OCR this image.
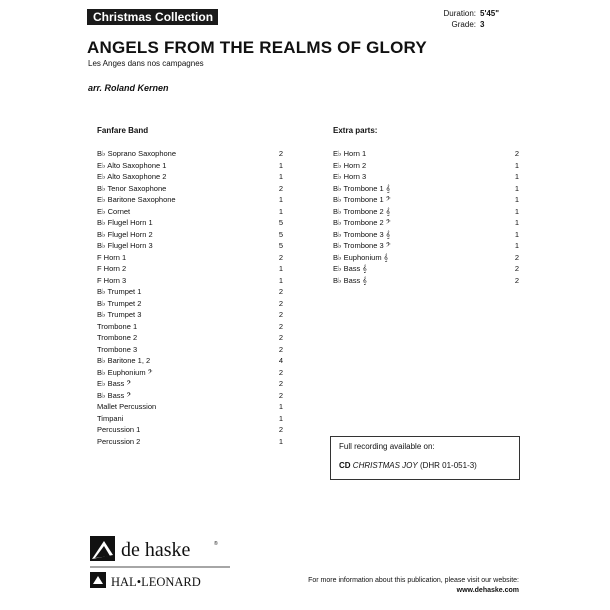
Christmas Collection	Duration: 5'45"
Grade: 3
ANGELS FROM THE REALMS OF GLORY
Les Anges dans nos campagnes
arr. Roland Kernen
Fanfare Band	Extra parts:
B♭ Soprano Saxophone	2
E♭ Alto Saxophone 1	1
E♭ Alto Saxophone 2	1
B♭ Tenor Saxophone	2
E♭ Baritone Saxophone	1
E♭ Cornet	1
B♭ Flugel Horn 1	5
B♭ Flugel Horn 2	5
B♭ Flugel Horn 3	5
F Horn 1	2
F Horn 2	1
F Horn 3	1
B♭ Trumpet 1	2
B♭ Trumpet 2	2
B♭ Trumpet 3	2
Trombone 1	2
Trombone 2	2
Trombone 3	2
B♭ Baritone 1, 2	4
B♭ Euphonium 𝄢	2
E♭ Bass 𝄢	2
B♭ Bass 𝄢	2
Mallet Percussion	1
Timpani	1
Percussion 1	2
Percussion 2	1
E♭ Horn 1	2
E♭ Horn 2	1
E♭ Horn 3	1
B♭ Trombone 1 𝄞	1
B♭ Trombone 1 𝄢	1
B♭ Trombone 2 𝄞	1
B♭ Trombone 2 𝄢	1
B♭ Trombone 3 𝄞	1
B♭ Trombone 3 𝄢	1
B♭ Euphonium 𝄞	2
E♭ Bass 𝄞	2
B♭ Bass 𝄞	2
Full recording available on:
CD CHRISTMAS JOY (DHR 01-051-3)
de haske	®
HAL•LEONARD	For more information about this publication, please visit our website:
www.dehaske.com
